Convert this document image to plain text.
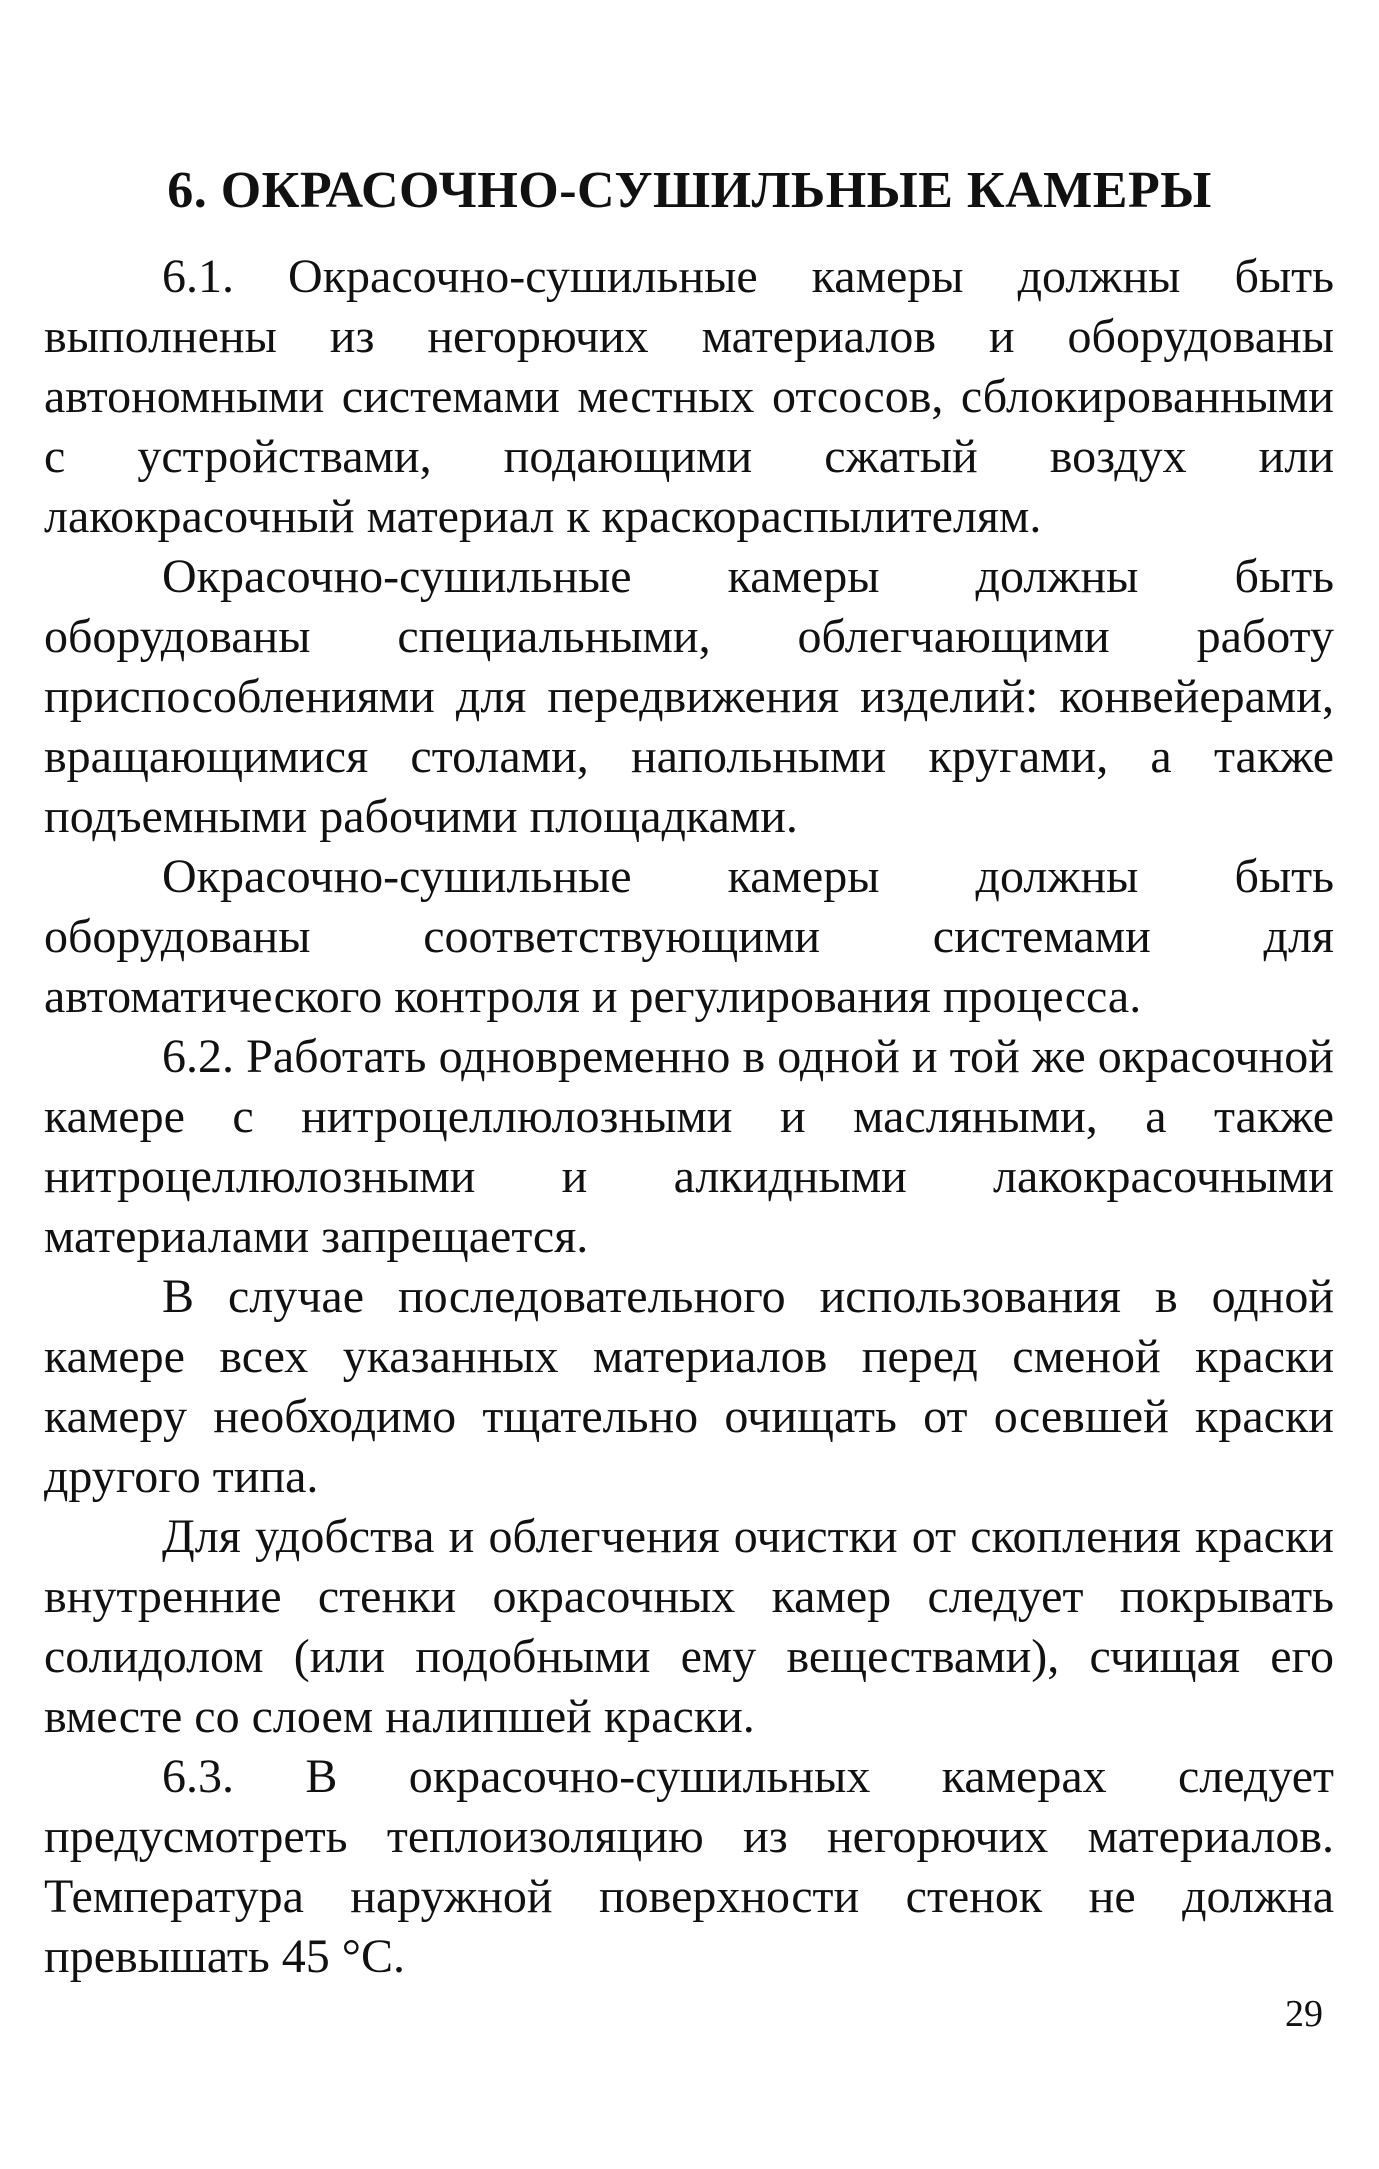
6. ОКРАСОЧНО-СУШИЛЬНЫЕ КАМЕРЫ

6.1. Окрасочно-сушильные камеры должны быть выполнены из негорючих материалов и оборудованы автономными системами местных отсосов, сблокированными с устройствами, подающими сжатый воздух или лакокрасочный материал к краскораспылителям.

Окрасочно-сушильные камеры должны быть оборудованы специальными, облегчающими работу приспособлениями для передвижения изделий: конвейерами, вращающимися столами, напольными кругами, а также подъемными рабочими площадками.

Окрасочно-сушильные камеры должны быть оборудованы соответствующими системами для автоматического контроля и регулирования процесса.

6.2. Работать одновременно в одной и той же окрасочной камере с нитроцеллюлозными и масляными, а также нитроцеллюлозными и алкидными лакокрасочными материалами запрещается.

В случае последовательного использования в одной камере всех указанных материалов перед сменой краски камеру необходимо тщательно очищать от осевшей краски другого типа.

Для удобства и облегчения очистки от скопления краски внутренние стенки окрасочных камер следует покрывать солидолом (или подобными ему веществами), счищая его вместе со слоем налипшей краски.

6.3. В окрасочно-сушильных камерах следует предусмотреть теплоизоляцию из негорючих материалов. Температура наружной поверхности стенок не должна превышать 45 °С.

29
